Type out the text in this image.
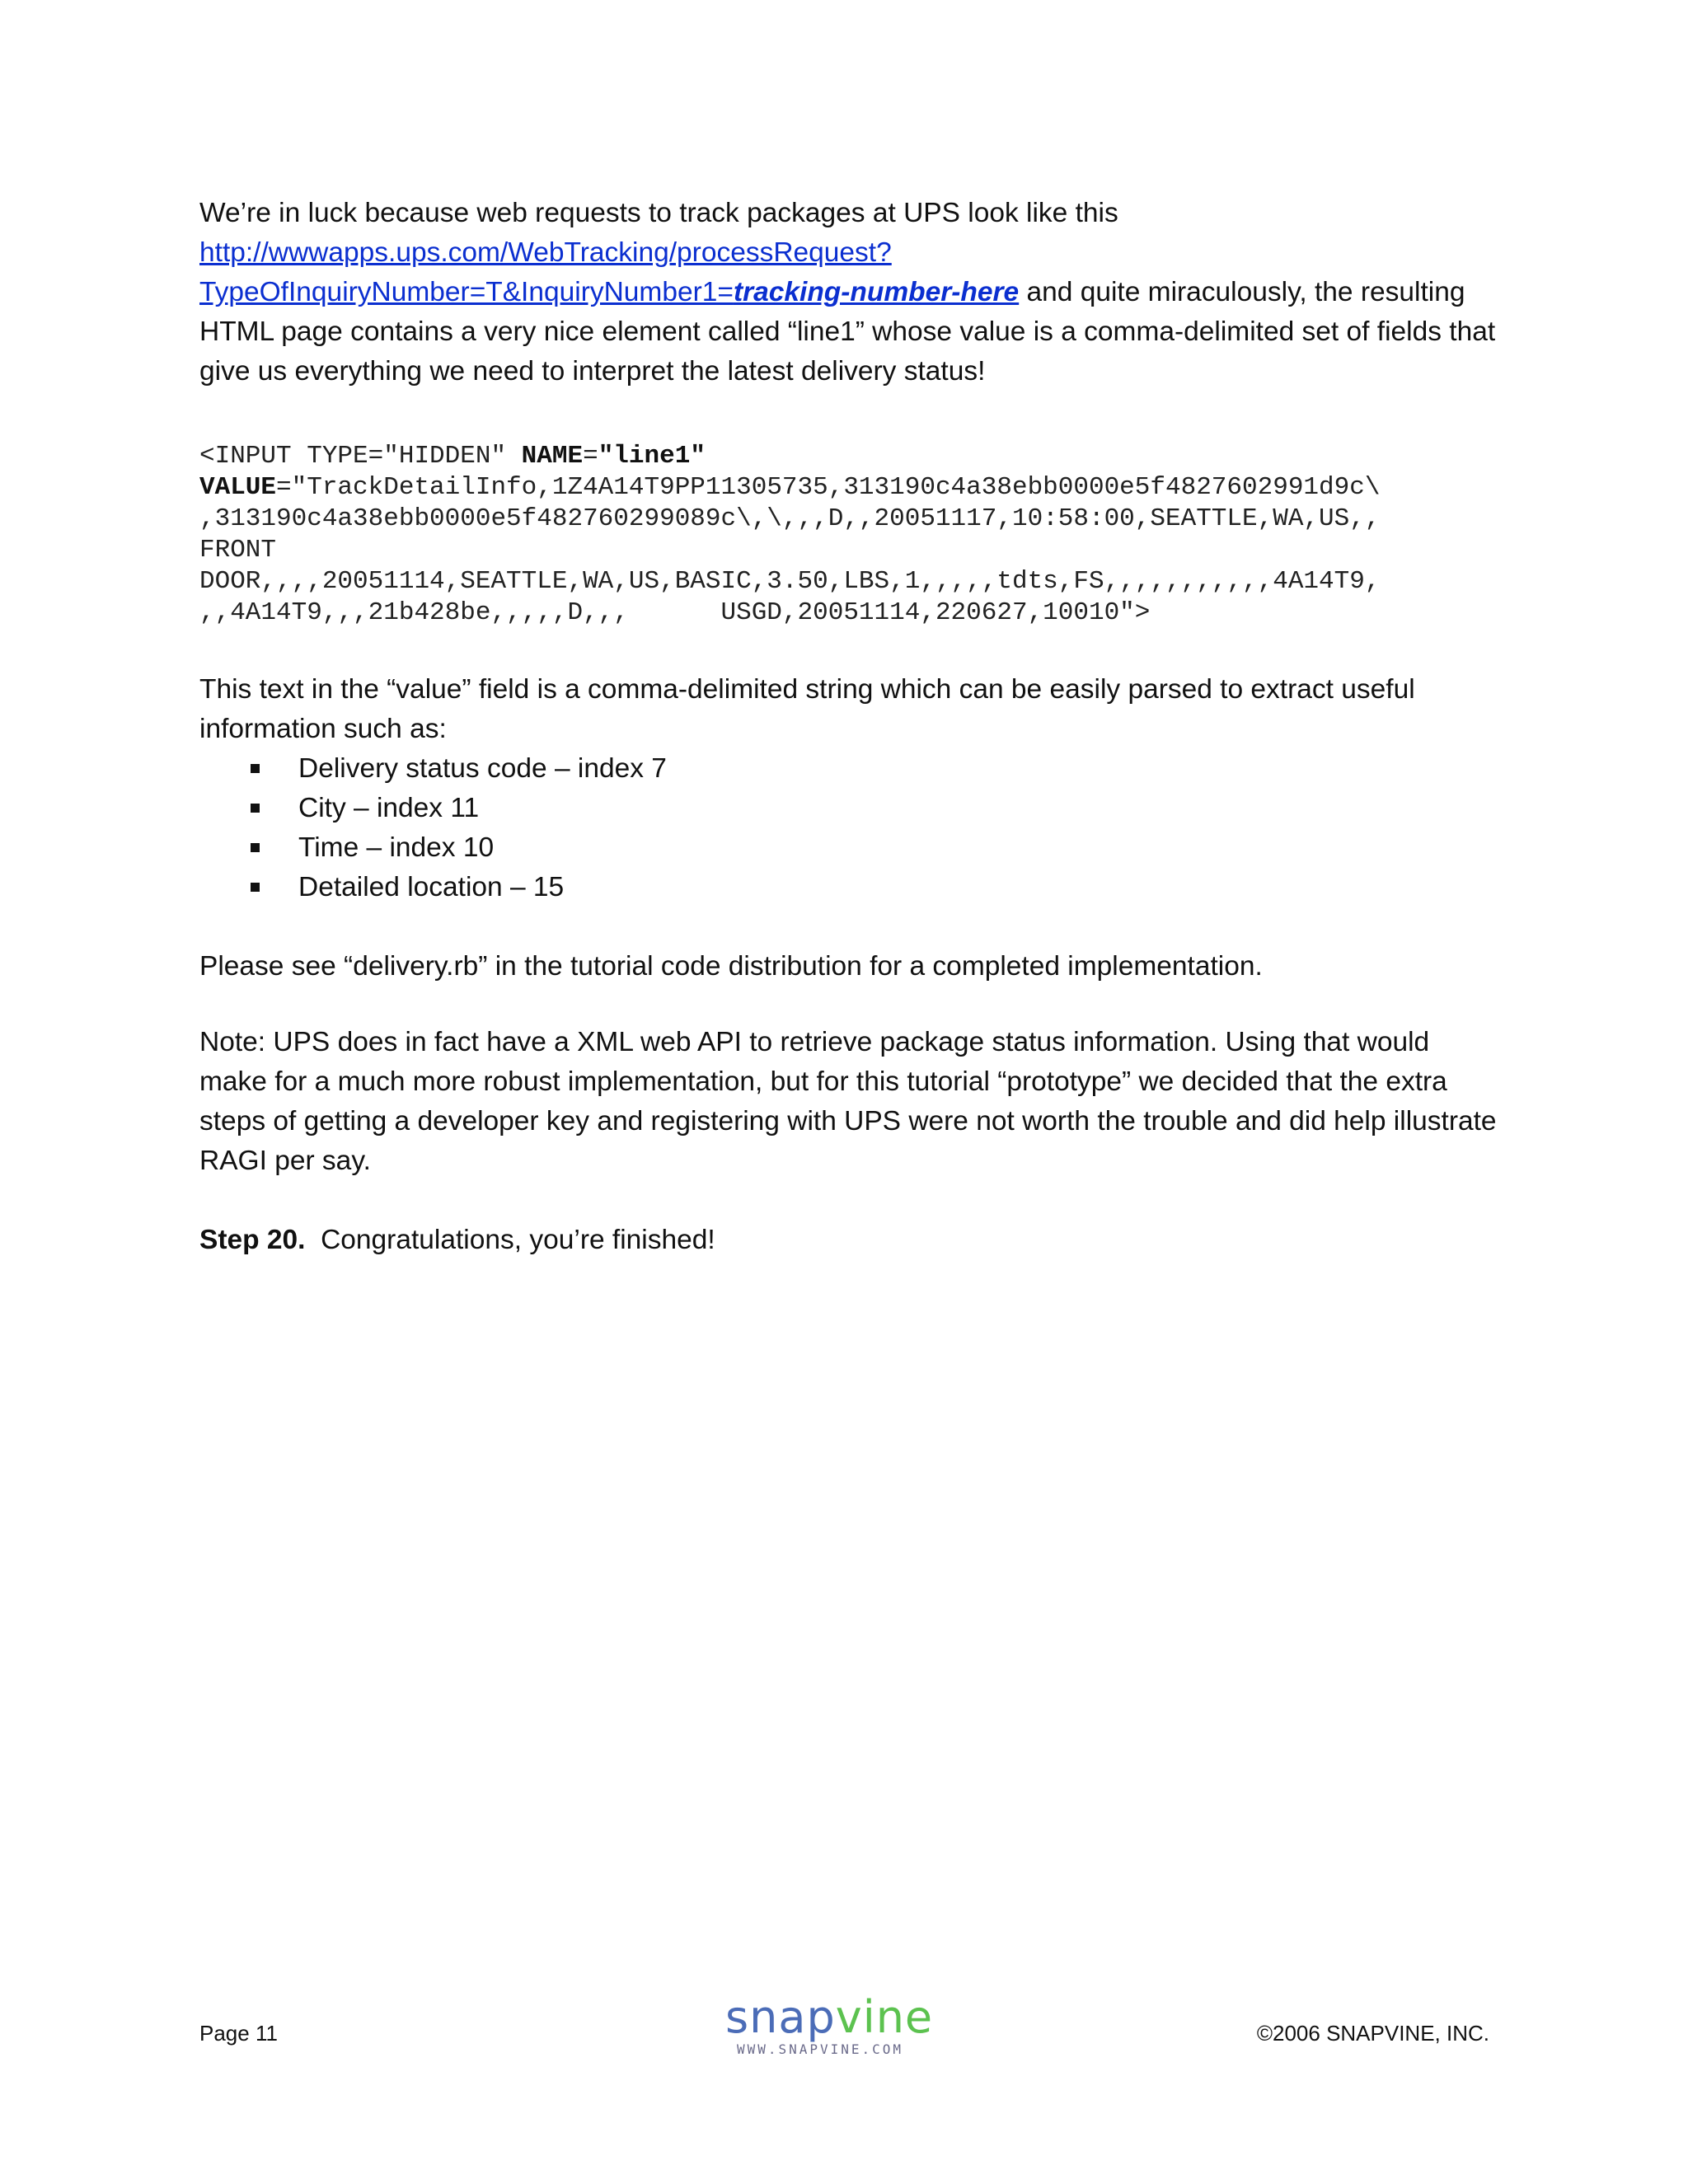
We’re in luck because web requests to track packages at UPS look like this
http://wwwapps.ups.com/WebTracking/processRequest?TypeOfInquiryNumber=T&InquiryNumber1=tracking-number-here and quite miraculously, the resulting HTML page contains a very nice element called “line1” whose value is a comma-delimited set of fields that give us everything we need to interpret the latest delivery status!

<INPUT TYPE="HIDDEN" NAME="line1"
VALUE="TrackDetailInfo,1Z4A14T9PP11305735,313190c4a38ebb0000e5f4827602991d9c\
,313190c4a38ebb0000e5f482760299089c\,\,,,D,,20051117,10:58:00,SEATTLE,WA,US,,
FRONT
DOOR,,,,20051114,SEATTLE,WA,US,BASIC,3.50,LBS,1,,,,,tdts,FS,,,,,,,,,,,4A14T9,
,,4A14T9,,,21b428be,,,,,D,,,      USGD,20051114,220627,10010">

This text in the “value” field is a comma-delimited string which can be easily parsed to extract useful information such as:

Delivery status code – index 7
City – index 11
Time – index 10
Detailed location – 15

Please see “delivery.rb” in the tutorial code distribution for a completed implementation.

Note: UPS does in fact have a XML web API to retrieve package status information. Using that would make for a much more robust implementation, but for this tutorial “prototype” we decided that the extra steps of getting a developer key and registering with UPS were not worth the trouble and did help illustrate RAGI per say.

Step 20.  Congratulations, you’re finished!

Page 11	snapvine
WWW.SNAPVINE.COM
©2006 SNAPVINE, INC.
